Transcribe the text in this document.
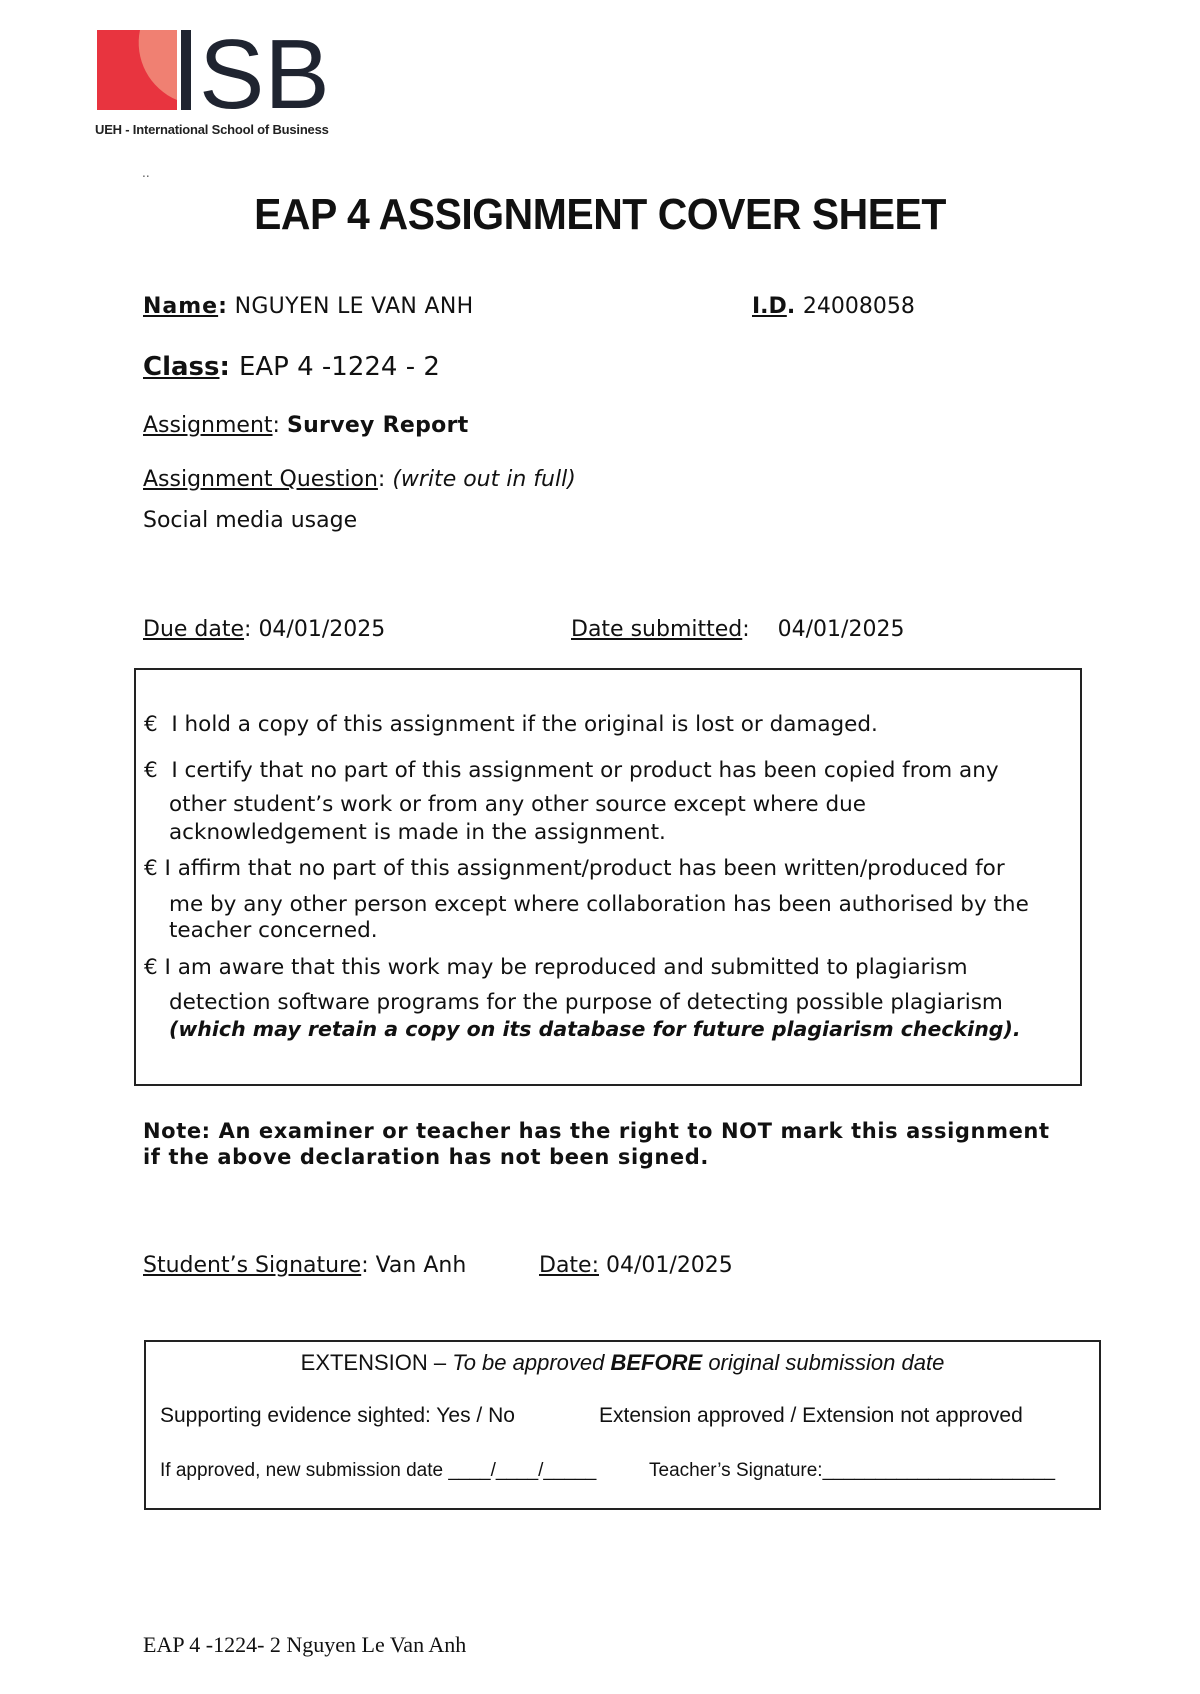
SB
UEH - International School of Business
..
EAP 4 ASSIGNMENT COVER SHEET
Name: NGUYEN LE VAN ANH	I.D. 24008058
Class: EAP 4 -1224 - 2
Assignment: Survey Report
Assignment Question: (write out in full)
Social media usage
Due date: 04/01/2025	Date submitted:    04/01/2025
€ I hold a copy of this assignment if the original is lost or damaged.
€ I certify that no part of this assignment or product has been copied from any
other student’s work or from any other source except where due
acknowledgement is made in the assignment.
€ I affirm that no part of this assignment/product has been written/produced for
me by any other person except where collaboration has been authorised by the
teacher concerned.
€ I am aware that this work may be reproduced and submitted to plagiarism
detection software programs for the purpose of detecting possible plagiarism
(which may retain a copy on its database for future plagiarism checking).
Note: An examiner or teacher has the right to NOT mark this assignment
if the above declaration has not been signed.
Student’s Signature: Van Anh	Date: 04/01/2025
EXTENSION – To be approved BEFORE original submission date
Supporting evidence sighted: Yes / No	Extension approved / Extension not approved
If approved, new submission date ____/____/_____	Teacher’s Signature:______________________
EAP 4 -1224- 2 Nguyen Le Van Anh
